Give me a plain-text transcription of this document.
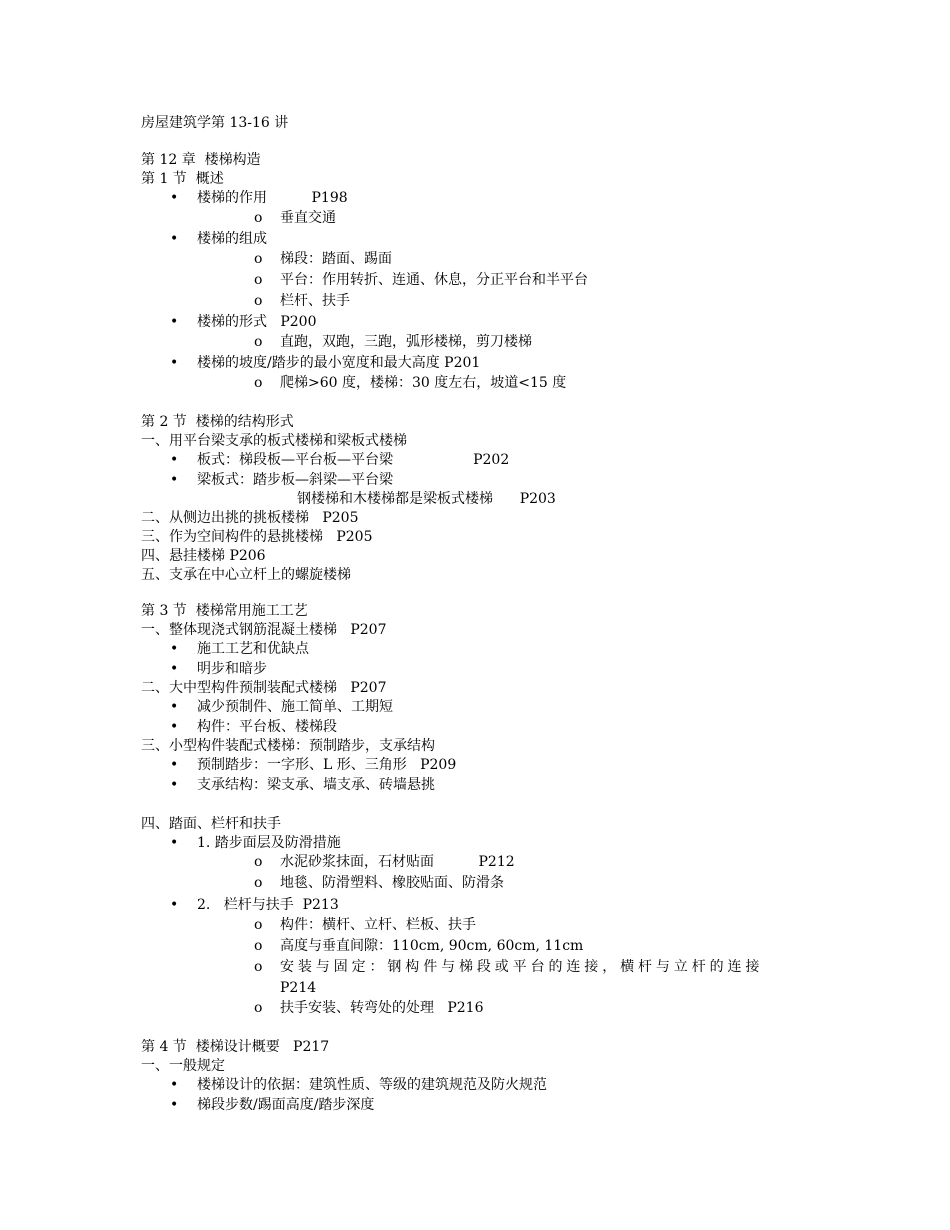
房屋建筑学第 13-16 讲
第 12 章  楼梯构造
第 1 节  概述
• 楼梯的作用          P198
o 垂直交通
• 楼梯的组成
o 梯段：踏面、踢面
o 平台：作用转折、连通、休息，分正平台和半平台
o 栏杆、扶手
• 楼梯的形式   P200
o 直跑，双跑，三跑，弧形楼梯，剪刀楼梯
• 楼梯的坡度/踏步的最小宽度和最大高度 P201
o 爬梯>60 度，楼梯：30 度左右，坡道<15 度
第 2 节  楼梯的结构形式
一、用平台梁支承的板式楼梯和梁板式楼梯
• 板式：梯段板—平台板—平台梁                  P202
• 梁板式：踏步板—斜梁—平台梁
钢楼梯和木楼梯都是梁板式楼梯      P203
二、从侧边出挑的挑板楼梯   P205
三、作为空间构件的悬挑楼梯   P205
四、悬挂楼梯 P206
五、支承在中心立杆上的螺旋楼梯
第 3 节  楼梯常用施工工艺
一、整体现浇式钢筋混凝土楼梯   P207
• 施工工艺和优缺点
• 明步和暗步
二、大中型构件预制装配式楼梯   P207
• 减少预制件、施工简单、工期短
• 构件：平台板、楼梯段
三、小型构件装配式楼梯：预制踏步，支承结构
• 预制踏步：一字形、L 形、三角形   P209
• 支承结构：梁支承、墙支承、砖墙悬挑
四、踏面、栏杆和扶手
• 1. 踏步面层及防滑措施
o 水泥砂浆抹面，石材贴面          P212
o 地毯、防滑塑料、橡胶贴面、防滑条
• 2.   栏杆与扶手  P213
o 构件：横杆、立杆、栏板、扶手
o 高度与垂直间隙：110cm, 90cm, 60cm, 11cm
o 安装与固定：钢构件与梯段或平台的连接，横杆与立杆的连接
P214
o 扶手安装、转弯处的处理   P216
第 4 节  楼梯设计概要   P217
一、一般规定
• 楼梯设计的依据：建筑性质、等级的建筑规范及防火规范
• 梯段步数/踢面高度/踏步深度
